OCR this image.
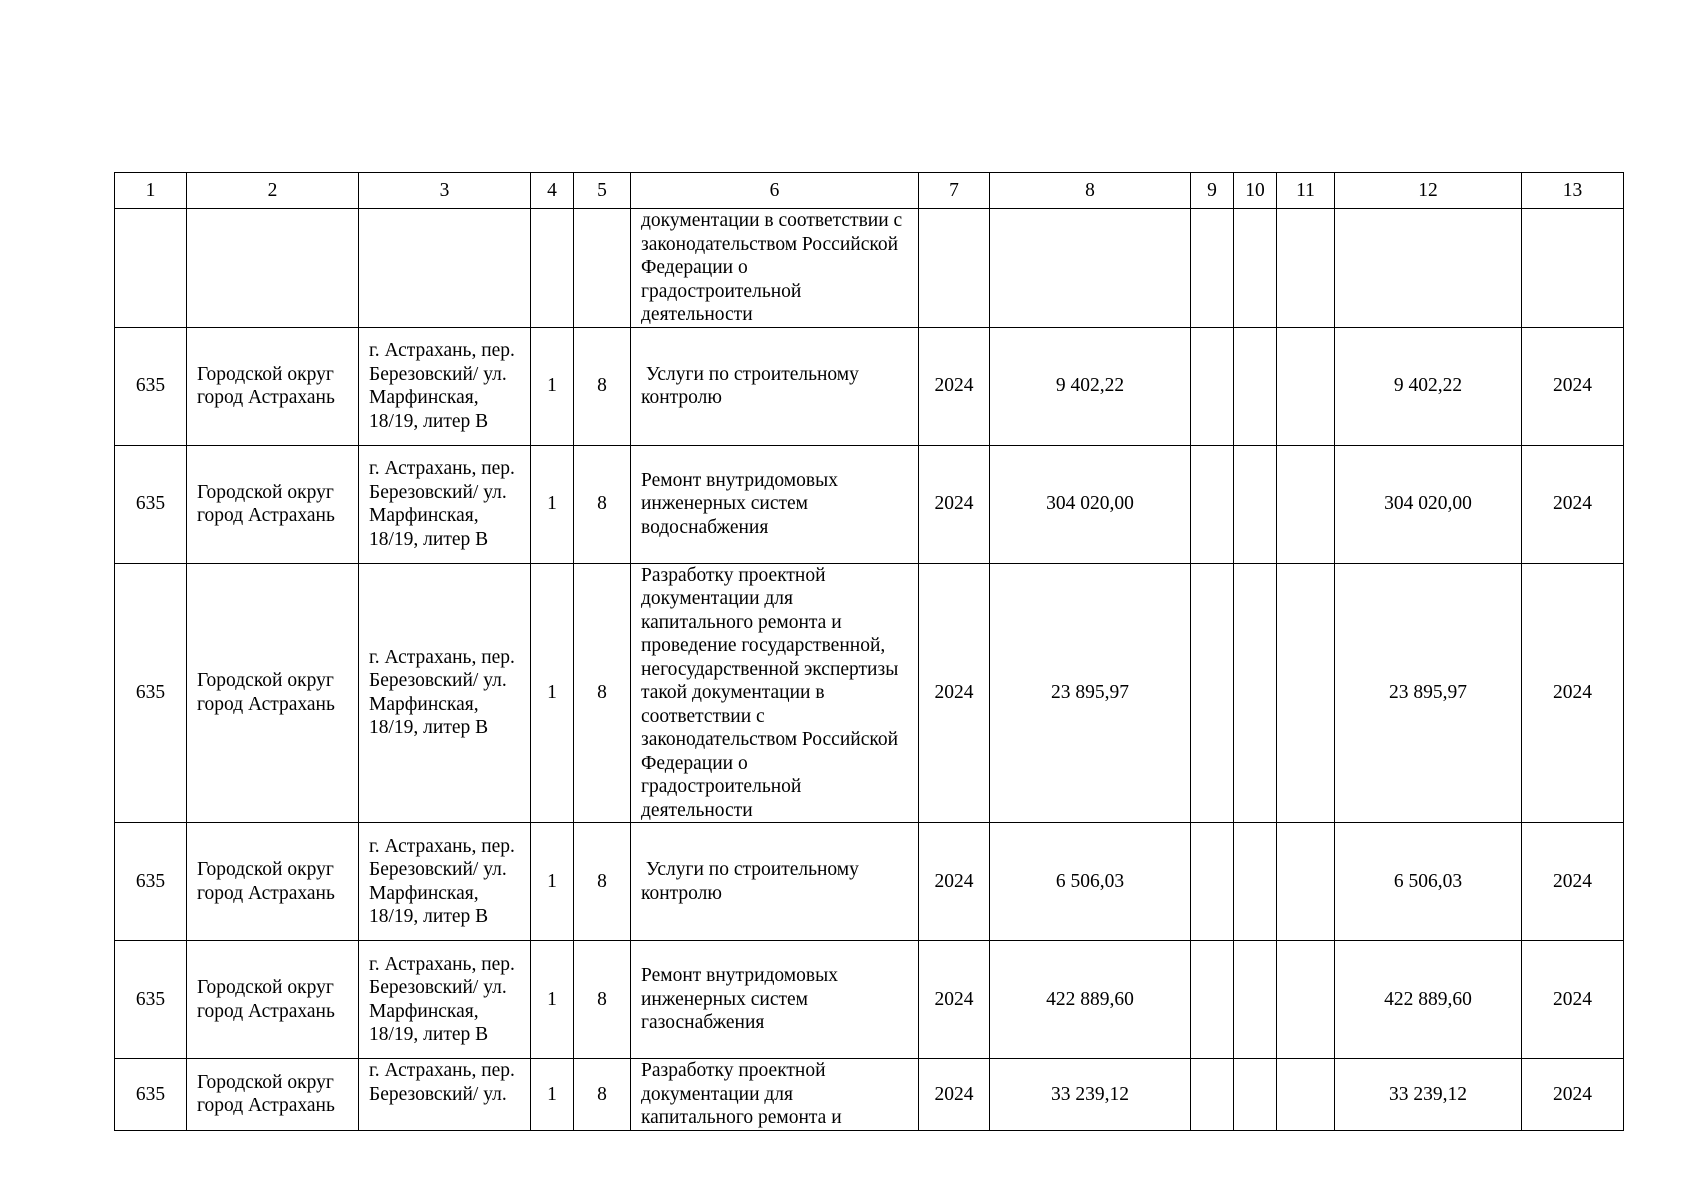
1	2	3	4	5	6	7	8	9	10	11	12	13
					документации в соответствии с законодательством Российской Федерации о градостроительной деятельности							
635	Городской округ город Астрахань	г. Астрахань, пер. Березовский/ ул. Марфинская, 18/19, литер В	1	8	Услуги по строительному контролю	2024	9 402,22				9 402,22	2024
635	Городской округ город Астрахань	г. Астрахань, пер. Березовский/ ул. Марфинская, 18/19, литер В	1	8	Ремонт внутридомовых инженерных систем водоснабжения	2024	304 020,00				304 020,00	2024
635	Городской округ город Астрахань	г. Астрахань, пер. Березовский/ ул. Марфинская, 18/19, литер В	1	8	Разработку проектной документации для капитального ремонта и проведение государственной, негосударственной экспертизы такой документации в соответствии с законодательством Российской Федерации о градостроительной деятельности	2024	23 895,97				23 895,97	2024
635	Городской округ город Астрахань	г. Астрахань, пер. Березовский/ ул. Марфинская, 18/19, литер В	1	8	Услуги по строительному контролю	2024	6 506,03				6 506,03	2024
635	Городской округ город Астрахань	г. Астрахань, пер. Березовский/ ул. Марфинская, 18/19, литер В	1	8	Ремонт внутридомовых инженерных систем газоснабжения	2024	422 889,60				422 889,60	2024
635	Городской округ город Астрахань	г. Астрахань, пер. Березовский/ ул.	1	8	Разработку проектной документации для капитального ремонта и	2024	33 239,12				33 239,12	2024
